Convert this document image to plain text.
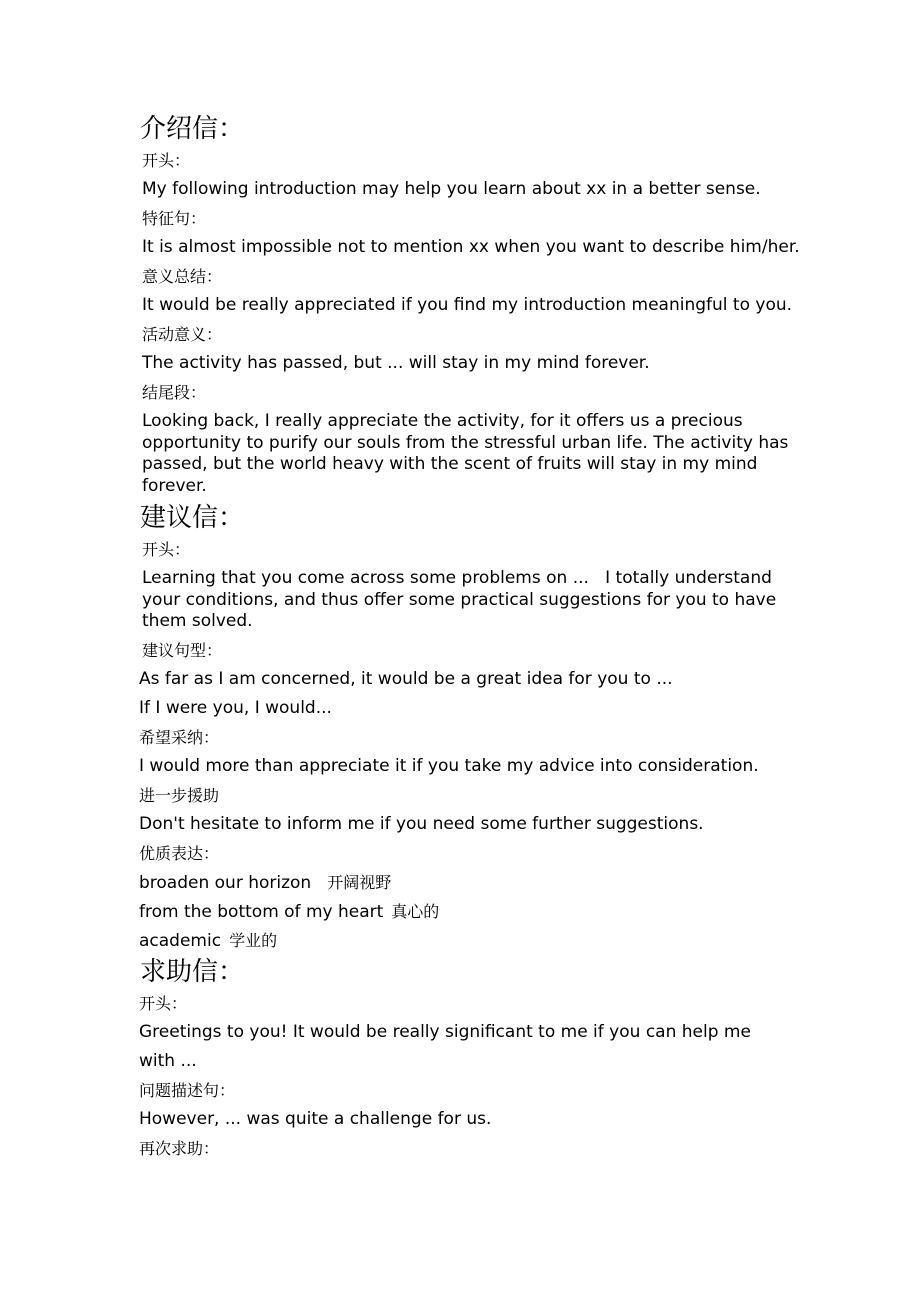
介绍信：
开头：
My following introduction may help you learn about xx in a better sense.
特征句：
It is almost impossible not to mention xx when you want to describe him/her.
意义总结：
It would be really appreciated if you find my introduction meaningful to you.
活动意义：
The activity has passed, but ... will stay in my mind forever.
结尾段：
Looking back, I really appreciate the activity, for it offers us a precious opportunity to purify our souls from the stressful urban life. The activity has passed, but the world heavy with the scent of fruits will stay in my mind forever.
建议信：
开头：
Learning that you come across some problems on ...   I totally understand your conditions, and thus offer some practical suggestions for you to have them solved.
建议句型：
As far as I am concerned, it would be a great idea for you to ...
If I were you, I would...
希望采纳：
I would more than appreciate it if you take my advice into consideration.
进一步援助
Don't hesitate to inform me if you need some further suggestions.
优质表达：
broaden our horizon 开阔视野
from the bottom of my heart 真心的
academic 学业的
求助信：
开头：
Greetings to you! It would be really significant to me if you can help me with ...
问题描述句：
However, ... was quite a challenge for us.
再次求助：
